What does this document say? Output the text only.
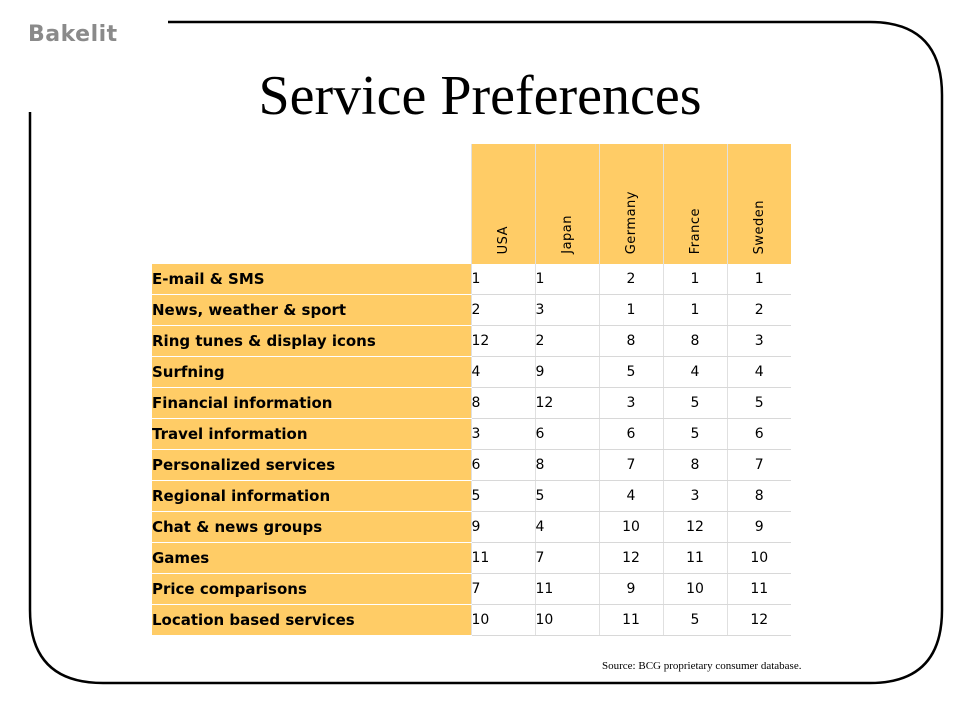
Bakelit
Service Preferences

	USA	Japan	Germany	France	Sweden

E-mail & SMS	1	1	2	1	1
News, weather & sport	2	3	1	1	2
Ring tunes & display icons	12	2	8	8	3
Surfning	4	9	5	4	4
Financial information	8	12	3	5	5
Travel information	3	6	6	5	6
Personalized services	6	8	7	8	7
Regional information	5	5	4	3	8
Chat & news groups	9	4	10	12	9
Games	11	7	12	11	10
Price comparisons	7	11	9	10	11
Location based services	10	10	11	5	12
Source: BCG proprietary consumer database.
